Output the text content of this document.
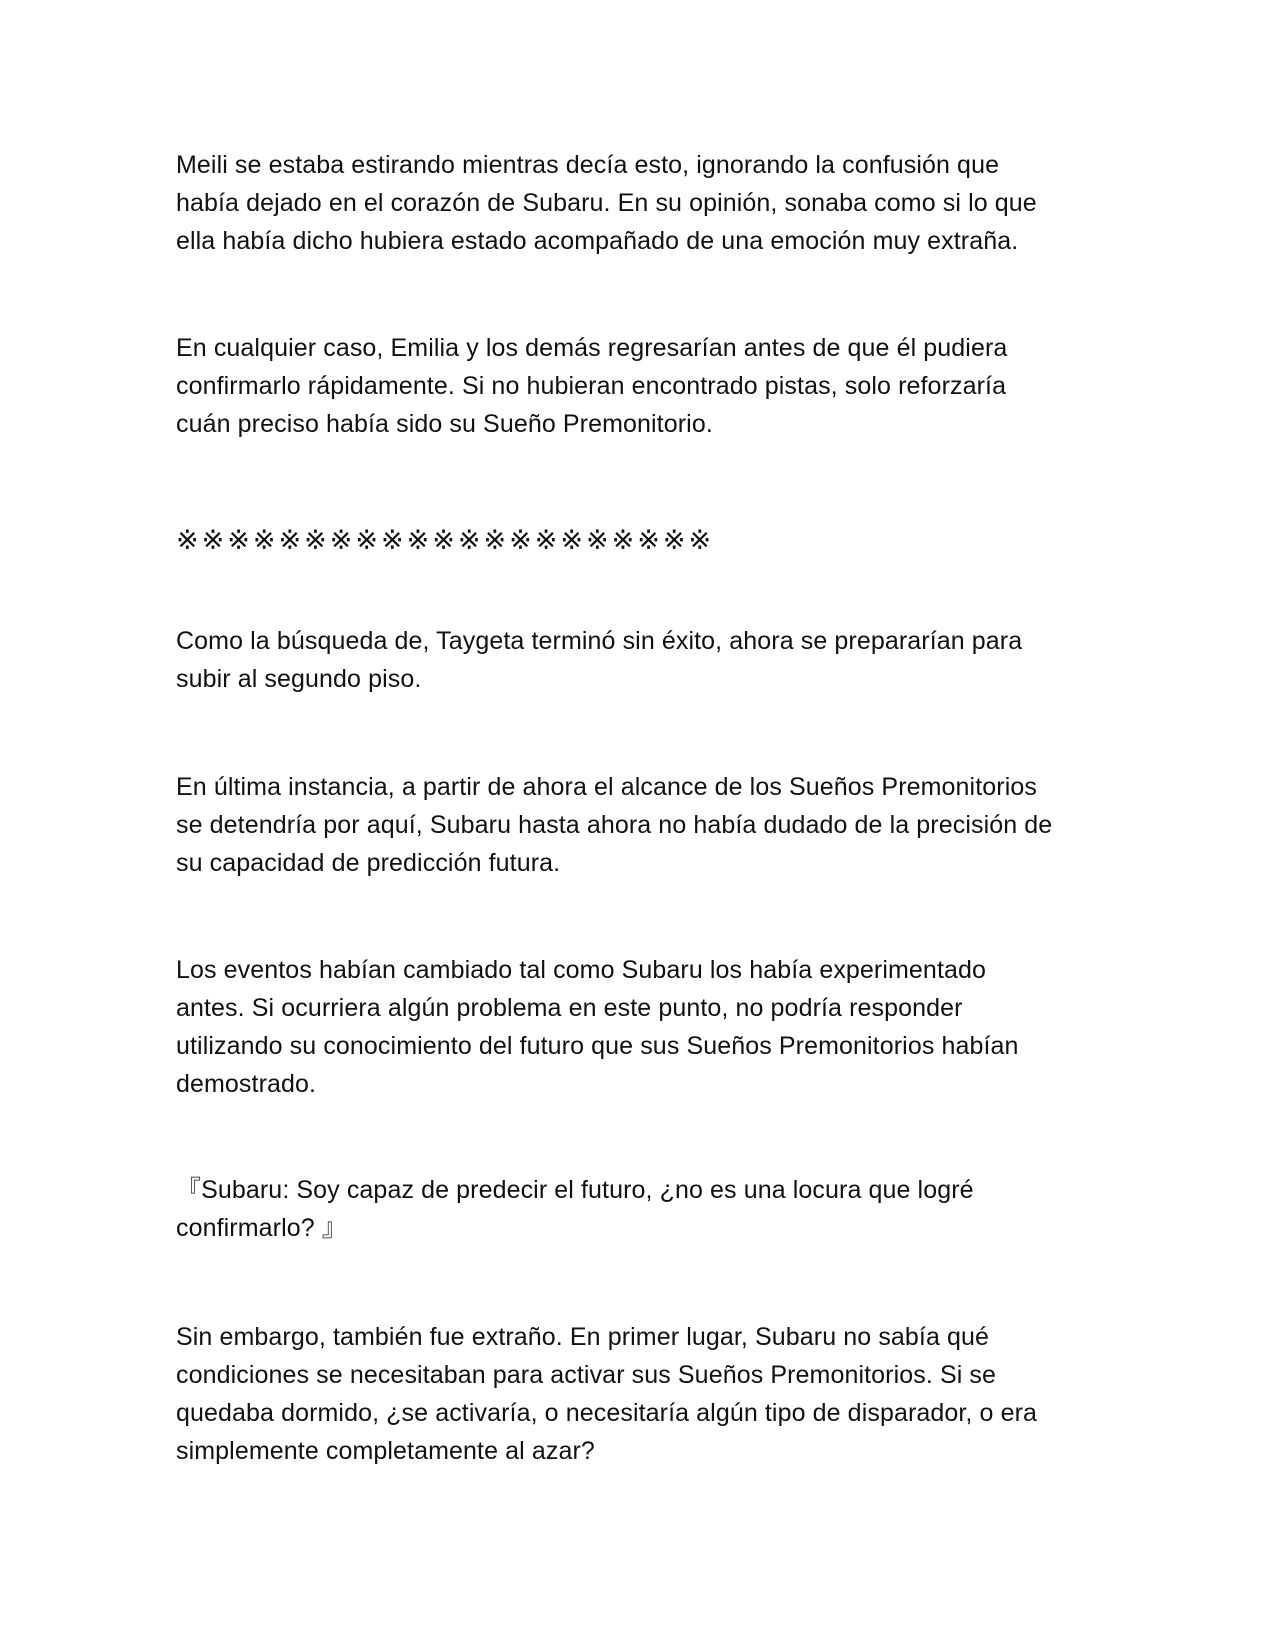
Meili se estaba estirando mientras decía esto, ignorando la confusión que
había dejado en el corazón de Subaru. En su opinión, sonaba como si lo que
ella había dicho hubiera estado acompañado de una emoción muy extraña.

En cualquier caso, Emilia y los demás regresarían antes de que él pudiera
confirmarlo rápidamente. Si no hubieran encontrado pistas, solo reforzaría
cuán preciso había sido su Sueño Premonitorio.

※※※※※※※※※※※※※※※※※※※※※

Como la búsqueda de, Taygeta terminó sin éxito, ahora se prepararían para
subir al segundo piso.

En última instancia, a partir de ahora el alcance de los Sueños Premonitorios
se detendría por aquí, Subaru hasta ahora no había dudado de la precisión de
su capacidad de predicción futura.

Los eventos habían cambiado tal como Subaru los había experimentado
antes. Si ocurriera algún problema en este punto, no podría responder
utilizando su conocimiento del futuro que sus Sueños Premonitorios habían
demostrado.

『Subaru: Soy capaz de predecir el futuro, ¿no es una locura que logré
confirmarlo? 』

Sin embargo, también fue extraño. En primer lugar, Subaru no sabía qué
condiciones se necesitaban para activar sus Sueños Premonitorios. Si se
quedaba dormido, ¿se activaría, o necesitaría algún tipo de disparador, o era
simplemente completamente al azar?
